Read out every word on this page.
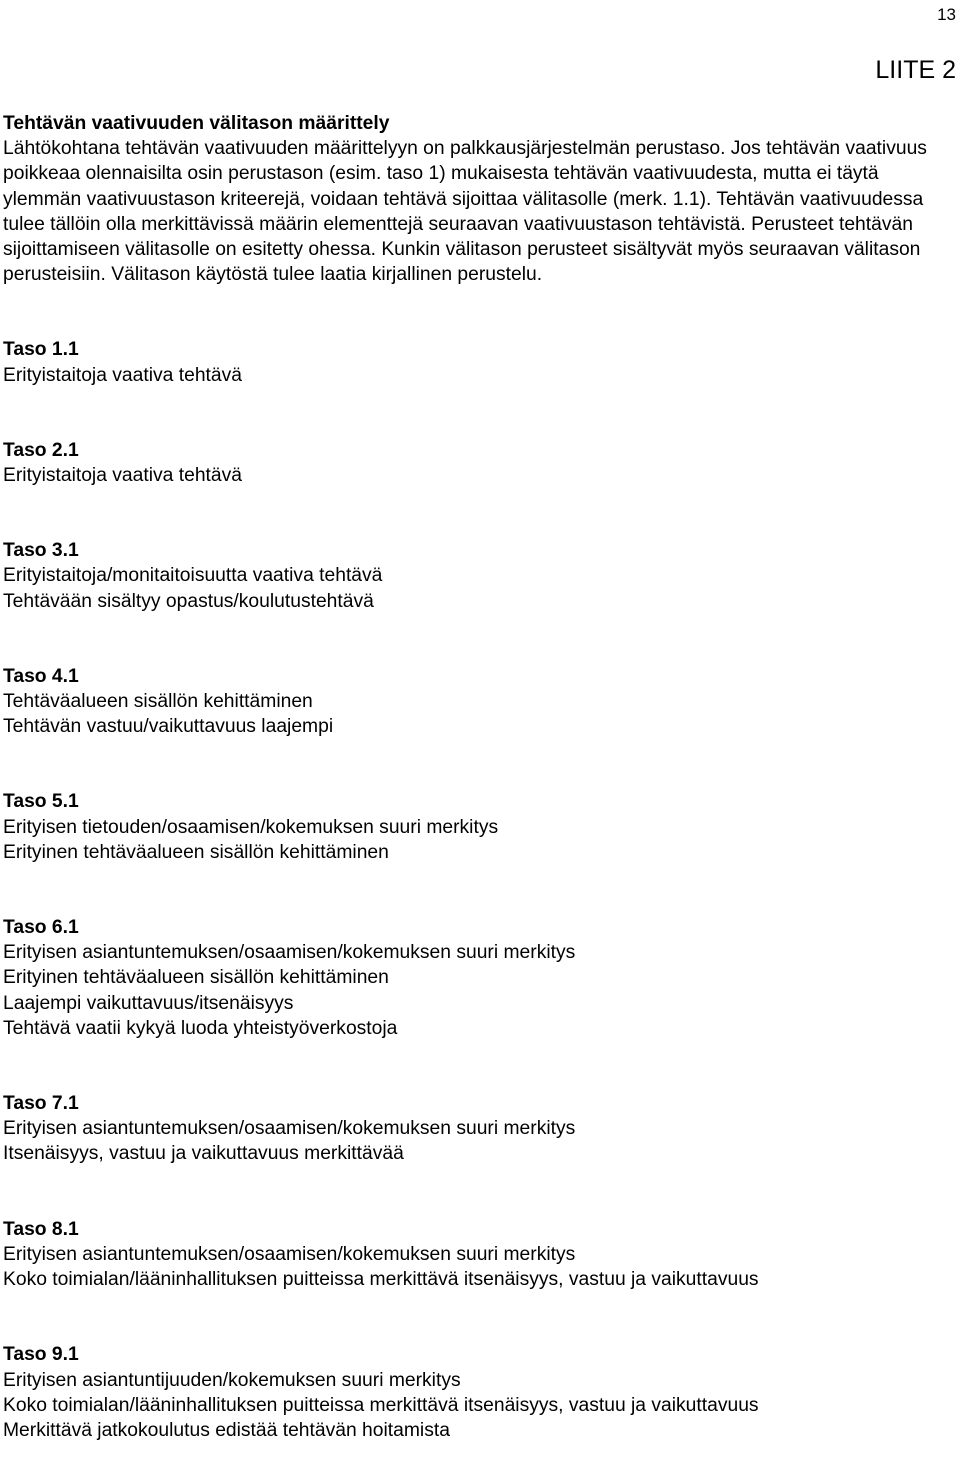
13
LIITE 2

Tehtävän vaativuuden välitason määrittely

Lähtökohtana tehtävän vaativuuden määrittelyyn on palkkausjärjestelmän perustaso. Jos tehtävän vaativuus poikkeaa olennaisilta osin perustason (esim. taso 1) mukaisesta tehtävän vaativuudesta, mutta ei täytä ylemmän vaativuustason kriteerejä, voidaan tehtävä sijoittaa välitasolle (merk. 1.1). Tehtävän vaativuudessa tulee tällöin olla merkittävissä määrin elementtejä seuraavan vaativuustason tehtävistä. Perusteet tehtävän sijoittamiseen välitasolle on esitetty ohessa. Kunkin välitason perusteet sisältyvät myös seuraavan välitason perusteisiin. Välitason käytöstä tulee laatia kirjallinen perustelu.

Taso 1.1
Erityistaitoja vaativa tehtävä
Taso 2.1
Erityistaitoja vaativa tehtävä
Taso 3.1
Erityistaitoja/monitaitoisuutta vaativa tehtävä
Tehtävään sisältyy opastus/koulutustehtävä
Taso 4.1
Tehtäväalueen sisällön kehittäminen
Tehtävän vastuu/vaikuttavuus laajempi
Taso 5.1
Erityisen tietouden/osaamisen/kokemuksen suuri merkitys
Erityinen tehtäväalueen sisällön kehittäminen
Taso 6.1
Erityisen asiantuntemuksen/osaamisen/kokemuksen suuri merkitys
Erityinen tehtäväalueen sisällön kehittäminen
Laajempi vaikuttavuus/itsenäisyys
Tehtävä vaatii kykyä luoda yhteistyöverkostoja
Taso 7.1
Erityisen asiantuntemuksen/osaamisen/kokemuksen suuri merkitys
Itsenäisyys, vastuu ja vaikuttavuus merkittävää
Taso 8.1
Erityisen asiantuntemuksen/osaamisen/kokemuksen suuri merkitys
Koko toimialan/lääninhallituksen puitteissa merkittävä itsenäisyys, vastuu ja vaikuttavuus
Taso 9.1
Erityisen asiantuntijuuden/kokemuksen suuri merkitys
Koko toimialan/lääninhallituksen puitteissa merkittävä itsenäisyys, vastuu ja vaikuttavuus
Merkittävä jatkokoulutus edistää tehtävän hoitamista
